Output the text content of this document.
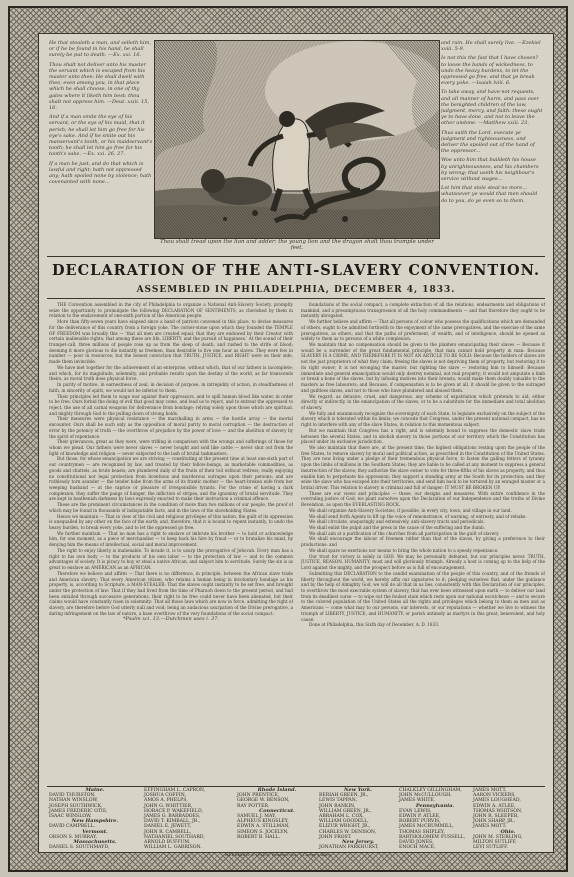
He that stealeth a man, and selleth him, or if he be found in his hand, he shall surely be put to death. —Ex. xxi. 16.

Thou shalt not deliver unto his master the servant which is escaped from his master unto thee: He shall dwell with thee, even among you, in that place which he shall choose, in one of thy gates where it liketh him best: thou shalt not oppress him. —Deut. xxiii. 15, 16.

And if a man smite the eye of his servant, or the eye of his maid, that it perish; he shall let him go free for his eye's sake. And if he smite out his manservant's tooth, or his maidservant's tooth; he shall let him go free for his tooth's sake. —Ex. xxi. 26, 27.

If a man be just, and do that which is lawful and right; hath not oppressed any; hath spoiled none by violence; hath covenanted with none...

and rain. He shall surely live. —Ezekiel xviii. 5-9.

Is not this the fast that I have chosen? to loose the bands of wickedness, to undo the heavy burdens, to let the oppressed go free, and that ye break every yoke. —Isaiah lviii. 6.

To take away, and have-not requests, and all manner of harm, and pass over the benighted children of the law, judgment, mercy, and faith: these ought ye to have done, and not to leave the other undone. —Matthew xxiii. 23.

Thus saith the Lord, execute ye judgment and righteousness, and deliver the spoiled out of the hand of the oppressor...

Woe unto him that buildeth his house by unrighteousness, and his chambers by wrong; that useth his neighbour's service without wages...

Let him that stole steal no more... whatsoever ye would that men should do to you, do ye even so to them.

Thou shalt tread upon the lion and adder: the young lion and the dragon shalt thou trample under feet.
DECLARATION OF THE ANTI-SLAVERY CONVENTION.
ASSEMBLED IN PHILADELPHIA, DECEMBER 4, 1833.

THE Convention assembled in the city of Philadelphia to organize a National Anti-Slavery Society, promptly seize the opportunity to promulgate the following DECLARATION OF SENTIMENTS, as cherished by them in relation to the enslavement of one-sixth portion of the American people.

More than fifty-seven years have elapsed since a band of patriots convened in this place, to devise measures for the deliverance of this country from a foreign yoke. The corner-stone upon which they founded the TEMPLE OF FREEDOM was broadly this — 'that all men are created equal; that they are endowed by their Creator with certain inalienable rights; that among these are life, LIBERTY, and the pursuit of happiness.' At the sound of their trumpet-call, three millions of people rose up as from the sleep of death, and rushed to the strife of blood; deeming it more glorious to die instantly as freemen, than desirable to live one hour as slaves. They were few in number — poor in resources; but the honest conviction that TRUTH, JUSTICE, and RIGHT were on their side, made them invincible.

We have met together for the achievement of an enterprise, without which, that of our fathers is incomplete; and which, for its magnitude, solemnity, and probable results upon the destiny of the world, as far transcends theirs, as moral truth does physical force.

In purity of motive, in earnestness of zeal, in decision of purpose, in intrepidity of action, in steadfastness of faith, in sincerity of spirit, we would not be inferior to them.

Their principles led them to wage war against their oppressors, and to spill human blood like water, in order to be free. Ours forbid the doing of evil that good may come, and lead us to reject, and to entreat the oppressed to reject, the use of all carnal weapons for deliverance from bondage; relying solely upon those which are spiritual, and mighty through God to the pulling down of strong holds.

Their measures were physical resistance — the marshalling in arms — the hostile array — the mortal encounter. Ours shall be such only as the opposition of moral purity to moral corruption — the destruction of error by the potency of truth — the overthrow of prejudice by the power of love — and the abolition of slavery by the spirit of repentance.

Their grievances, great as they were, were trifling in comparison with the wrongs and sufferings of those for whom we plead. Our fathers were never slaves — never bought and sold like cattle — never shut out from the light of knowledge and religion — never subjected to the lash of brutal taskmasters.

But those, for whose emancipation we are striving — constituting at the present time at least one-sixth part of our countrymen — are recognized by law, and treated by their fellow-beings, as marketable commodities, as goods and chattels, as brute beasts; are plundered daily of the fruits of their toil without redress; really enjoying no constitutional nor legal protection from licentious and murderous outrages upon their persons; and are ruthlessly torn asunder — the tender babe from the arms of its frantic mother — the heart-broken wife from her weeping husband — at the caprice or pleasure of irresponsible tyrants. For the crime of having a dark complexion, they suffer the pangs of hunger, the infliction of stripes, and the ignominy of brutal servitude. They are kept in heathenish darkness by laws expressly enacted to make their instruction a criminal offence.

These are the prominent circumstances in the condition of more than two millions of our people, the proof of which may be found in thousands of indisputable facts, and in the laws of the slaveholding States.

Hence we maintain — That in view of the civil and religious privileges of this nation, the guilt of its oppression is unequalled by any other on the face of the earth; and, therefore, that it is bound to repent instantly, to undo the heavy burden, to break every yoke, and to let the oppressed go free.

We further maintain — That no man has a right to enslave or imbrute his brother — to hold or acknowledge him, for one moment, as a piece of merchandise — to keep back his hire by fraud — or to brutalize his mind, by denying him the means of intellectual, social and moral improvement.

The right to enjoy liberty is inalienable. To invade it, is to usurp the prerogative of Jehovah. Every man has a right to his own body — to the products of his own labor — to the protection of law — and to the common advantages of society. It is piracy to buy or steal a native African, and subject him to servitude. Surely the sin is as great to enslave an AMERICAN as an AFRICAN.

Therefore we believe and affirm — That there is no difference, in principle, between the African slave trade and American slavery: That every American citizen, who retains a human being in involuntary bondage as his property, is, according to Scripture, a MAN-STEALER: That the slaves ought instantly to be set free, and brought under the protection of law: That if they had lived from the time of Pharaoh down to the present period, and had been entailed through successive generations, their right to be free could never have been alienated, but their claims would have constantly risen in solemnity: That all those laws which are now in force, admitting the right of slavery, are therefore before God utterly null and void; being an audacious usurpation of the Divine prerogative, a daring infringement on the law of nature, a base overthrow of the very foundations of the social compact.

*Psalm xci. 13.—Dutchmen uses i. 37.

foundations of the social compact, a complete extinction of all the relations, endearments and obligations of mankind, and a presumptuous transgression of all the holy commandments — and that therefore they ought to be instantly abrogated.

We further believe and affirm — That all persons of colour who possess the qualifications which are demanded of others, ought to be admitted forthwith to the enjoyment of the same prerogatives, and the exercise of the same prerogatives, as others; and that the paths of preferment, of wealth, and of intelligence, should be opened as widely to them as to persons of a white complexion.

We maintain that no compensation should be given to the planters emancipating their slaves — Because it would be a surrender of the great fundamental principle, that man cannot hold property in man: Because SLAVERY IS A CRIME, AND THEREFORE IT IS NOT AN ARTICLE TO BE SOLD: Because the holders of slaves are not the just proprietors of what they claim; freeing the slaves is not depriving them of property, but restoring it to its right owner; it is not wronging the master, but righting the slave — restoring him to himself: Because immediate and general emancipation would only destroy nominal, not real property; it would not amputate a limb or break a bone of the slaves, but by infusing motives into their breasts, would make them doubly valuable to the masters as free labourers; and Because, if compensation is to be given at all, it should be given to the outraged and guiltless slaves, and not to those who have plundered and abused them.

We regard, as delusive, cruel, and dangerous, any scheme of expatriation which pretends to aid, either directly or indirectly, in the emancipation of the slaves, or to be a substitute for the immediate and total abolition of slavery.

We fully and unanimously recognize the sovereignty of each State, to legislate exclusively on the subject of the slavery which is tolerated within its limits; we concede that Congress, under the present national compact, has no right to interfere with any of the slave States, in relation to this momentous subject.

But we maintain that Congress has a right, and is solemnly bound to suppress the domestic slave trade between the several States, and to abolish slavery in those portions of our territory which the Constitution has placed under its exclusive jurisdiction.

We also maintain that there are, at the present time, the highest obligations resting upon the people of the free States, to remove slavery by moral and political action, as prescribed in the Constitution of the United States. They are now living under a pledge of their tremendous physical force, to fasten the galling fetters of tyranny upon the limbs of millions in the Southern States; they are liable to be called at any moment to suppress a general insurrection of the slaves; they authorize the slave owner to vote for three-fifths of his slaves as property, and thus enable him to perpetuate his oppression; they support a standing army at the South for its protection; and they seize the slave who has escaped into their territories, and send him back to be tortured by an enraged master or a brutal driver. This relation to slavery is criminal and full of danger: IT MUST BE BROKEN UP.

These are our views and principles — these, our designs and measures. With entire confidence in the overruling justice of God, we plant ourselves upon the Declaration of our Independence and the truths of Divine Revelation, as upon the EVERLASTING ROCK.

We shall organize Anti-Slavery Societies, if possible, in every city, town, and village in our land.

We shall send forth Agents to lift up the voice of remonstrance, of warning, of entreaty, and of rebuke.

We shall circulate, unsparingly and extensively, anti-slavery tracts and periodicals.

We shall enlist the pulpit and the press in the cause of the suffering and the dumb.

We shall aim at a purification of the churches from all participation in the guilt of slavery.

We shall encourage the labour of freemen rather than that of the slaves, by giving a preference to their productions: and

We shall spare no exertions nor means to bring the whole nation to a speedy repentance.

Our trust for victory is solely in GOD. We may be personally defeated, but our principles never. TRUTH, JUSTICE, REASON, HUMANITY, must and will gloriously triumph. Already a host is coming up to the help of the Lord against the mighty, and the prospect before us is full of encouragement.

Submitting this DECLARATION to the candid examination of the people of this country, and of the friends of liberty throughout the world, we hereby affix our signatures to it; pledging ourselves that, under the guidance and by the help of Almighty God, we will do all that in us lies, consistently with this Declaration of our principles, to overthrow the most execrable system of slavery, that has ever been witnessed upon earth — to deliver our land from its deadliest curse — to wipe out the foulest stain which rests upon our national escutcheon — and to secure to the colored population of the United States all the rights and privileges which belong to them as men and as Americans — come what may to our persons, our interests, or our reputations — whether we live to witness the triumph of LIBERTY, JUSTICE, and HUMANITY, or perish untimely as martyrs in this great, benevolent, and holy cause.

Done at Philadelphia, this Sixth day of December, A. D. 1833.

Maine.
DAVID THURSTON,
NATHAN WINSLOW,
JOSEPH SOUTHWICK,
JAMES FREDERIC OTIS,
ISAAC WINSLOW.
New Hampshire.
DAVID CAMPBELL.
Vermont.
ORSON S. MURRAY.
Massachusetts.
DANIEL S. SOUTHMAYD,
EFFINGHAM L. CAPRON,
JOSHUA COFFIN,
AMOS A. PHELPS,
JOHN G. WHITTIER,
HORACE P. WAKEFIELD,
JAMES G. BARBADOES,
DAVID T. KIMBALL, JR.,
DANIEL E. JEWETT,
JOHN R. CAMBELL,
NATHANIEL SOUTHARD,
ARNOLD BUFFUM,
WILLIAM L. GARRISON.
Rhode Island.
JOHN PRENTICE,
GEORGE W. BENSON,
RAY POTTER.
Connecticut.
SAMUEL J. MAY,
ALPHEUS KINGSLEY,
EDWIN A. STILLMAN,
SIMEON S. JOCELYN,
ROBERT B. HALL.
New York.
BERIAH GREEN, JR.,
LEWIS TAPPAN,
JOHN RANKIN,
WILLIAM GREEN, JR.,
ABRAHAM L. COX,
WILLIAM GOODELL,
ELIZUR WRIGHT, JR.,
CHARLES W. DENISON,
JOHN FROST.
New Jersey.
JONATHAN PARKHURST,
CHALKLEY GILLINGHAM,
JOHN McCULLOUGH,
JAMES WHITE.
Pennsylvania.
EVAN LEWIS,
EDWIN P. ATLEE,
ROBERT PURVIS,
JAMES McCRUMMILL,
THOMAS SHIPLEY,
BARTHOLOMEW FUSSELL,
DAVID JONES,
ENOCH MACE,
JAMES MOTT,
AARON VICKERS,
JAMES LOUGHEAD,
EDWIN A. ATLEE,
THOMAS WHITSON,
JOHN R. SLEEPER,
JOHN SHARP, JR.,
JAMES MOTT.
Ohio.
JOHN M. STERLING,
MILTON SUTLIFF,
LEVI SUTLIFF.
MERRIHEW & GUNN, Printers, No. 7 Carter's Alley.
